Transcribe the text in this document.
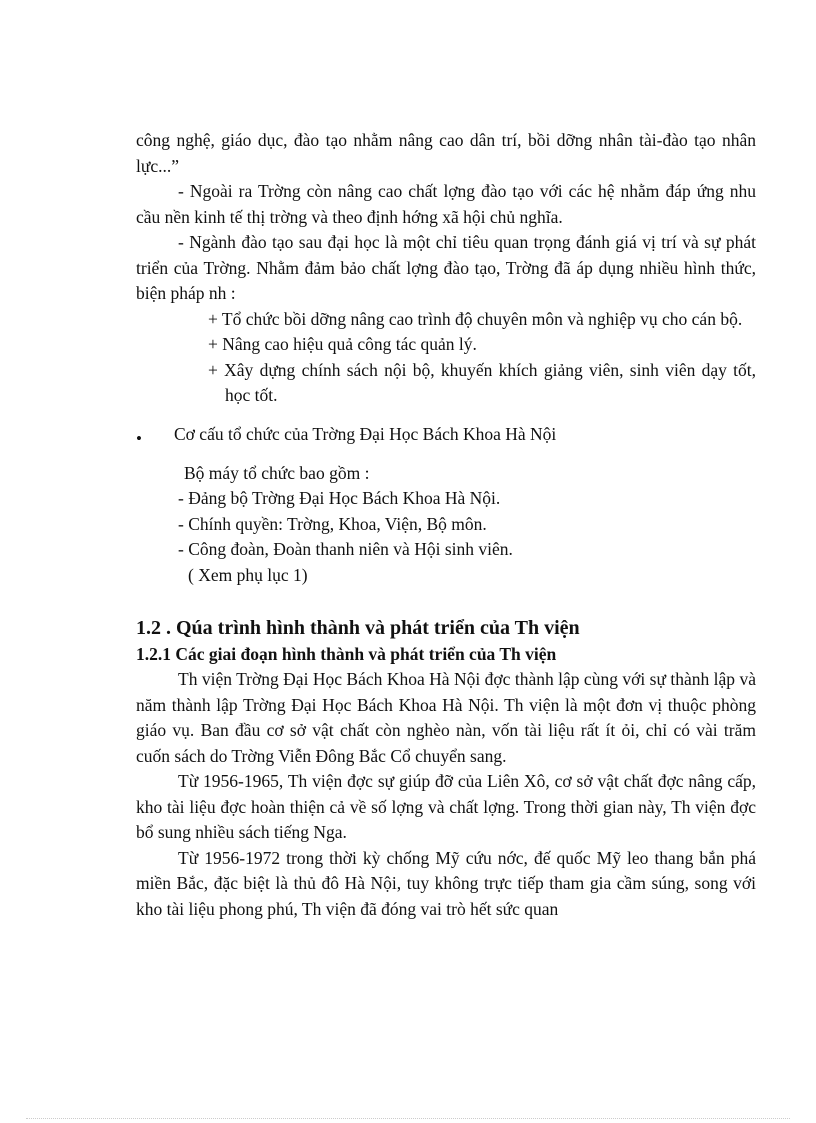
công nghệ, giáo dục, đào tạo nhằm nâng cao dân trí, bồi dỡng nhân tài-đào tạo nhân lực...”

- Ngoài ra Trờng còn nâng cao chất lợng đào tạo với các hệ nhằm đáp ứng nhu cầu nền kinh tế thị trờng và theo định hớng xã hội chủ nghĩa.

- Ngành đào tạo sau đại học là một chỉ tiêu quan trọng đánh giá vị trí và sự phát triển của Trờng. Nhằm đảm bảo chất lợng đào tạo, Trờng đã áp dụng nhiều hình thức, biện pháp nh :

+ Tổ chức bồi dỡng nâng cao trình độ chuyên môn và nghiệp vụ cho cán bộ.

+ Nâng cao hiệu quả công tác quản lý.

+ Xây dựng chính sách nội bộ, khuyến khích giảng viên, sinh viên dạy tốt, học tốt.

•	Cơ cấu tổ chức của Trờng Đại Học Bách Khoa Hà Nội

Bộ máy tổ chức bao gồm :

- Đảng bộ Trờng Đại Học Bách Khoa Hà Nội.

- Chính quyền: Trờng, Khoa, Viện, Bộ môn.

- Công đoàn, Đoàn thanh niên và Hội sinh viên.

( Xem phụ lục 1)

1.2 . Qúa trình hình thành và phát triển của Th viện
1.2.1 Các giai đoạn hình thành và phát triển của Th viện

Th viện Trờng Đại Học Bách Khoa Hà Nội đợc thành lập cùng với sự thành lập và năm thành lập Trờng Đại Học Bách Khoa Hà Nội. Th viện là một đơn vị thuộc phòng giáo vụ. Ban đầu cơ sở vật chất còn nghèo nàn, vốn tài liệu rất ít ỏi, chỉ có vài trăm cuốn sách do Trờng Viễn Đông Bắc Cổ chuyển sang.

Từ 1956-1965, Th viện đợc sự giúp đỡ của Liên Xô, cơ sở vật chất đợc nâng cấp, kho tài liệu đợc hoàn thiện cả về số lợng và chất lợng. Trong thời gian này, Th viện đợc bổ sung nhiều sách tiếng Nga.

Từ 1956-1972 trong thời kỳ chống Mỹ cứu nớc, đế quốc Mỹ leo thang bắn phá miền Bắc, đặc biệt là thủ đô Hà Nội, tuy không trực tiếp tham gia cầm súng, song với kho tài liệu phong phú, Th viện đã đóng vai trò hết sức quan
